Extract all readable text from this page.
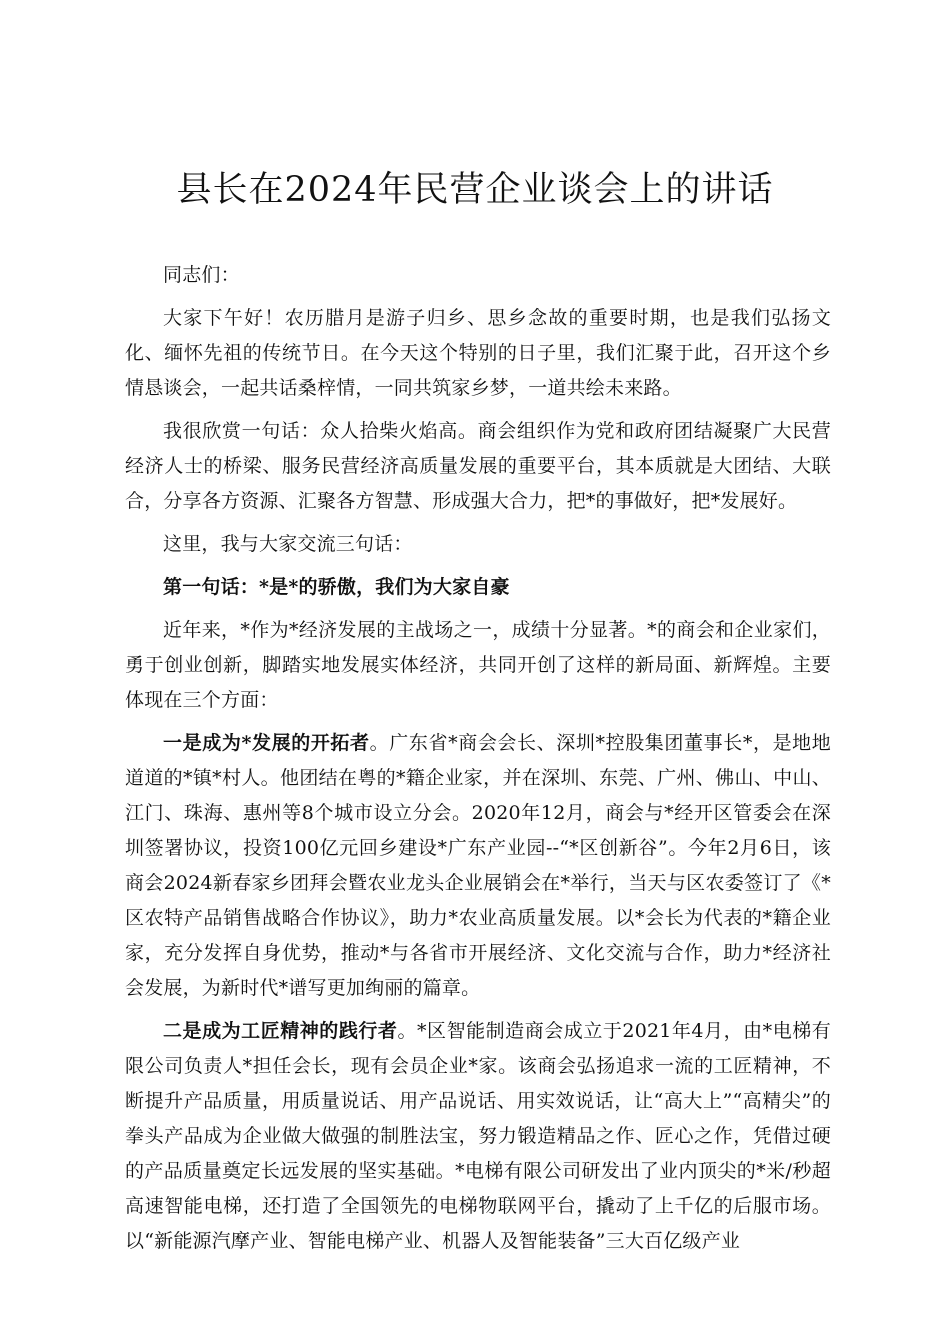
县长在2024年民营企业谈会上的讲话

同志们：

大家下午好！农历腊月是游子归乡、思乡念故的重要时期，也是我们弘扬文化、缅怀先祖的传统节日。在今天这个特别的日子里，我们汇聚于此，召开这个乡情恳谈会，一起共话桑梓情，一同共筑家乡梦，一道共绘未来路。

我很欣赏一句话：众人拾柴火焰高。商会组织作为党和政府团结凝聚广大民营经济人士的桥梁、服务民营经济高质量发展的重要平台，其本质就是大团结、大联合，分享各方资源、汇聚各方智慧、形成强大合力，把*的事做好，把*发展好。

这里，我与大家交流三句话：

第一句话：*是*的骄傲，我们为大家自豪

近年来，*作为*经济发展的主战场之一，成绩十分显著。*的商会和企业家们，勇于创业创新，脚踏实地发展实体经济，共同开创了这样的新局面、新辉煌。主要体现在三个方面：

一是成为*发展的开拓者。广东省*商会会长、深圳*控股集团董事长*，是地地道道的*镇*村人。他团结在粤的*籍企业家，并在深圳、东莞、广州、佛山、中山、江门、珠海、惠州等8个城市设立分会。2020年12月，商会与*经开区管委会在深圳签署协议，投资100亿元回乡建设*广东产业园--“*区创新谷”。今年2月6日，该商会2024新春家乡团拜会暨农业龙头企业展销会在*举行，当天与区农委签订了《*区农特产品销售战略合作协议》，助力*农业高质量发展。以*会长为代表的*籍企业家，充分发挥自身优势，推动*与各省市开展经济、文化交流与合作，助力*经济社会发展，为新时代*谱写更加绚丽的篇章。

二是成为工匠精神的践行者。*区智能制造商会成立于2021年4月，由*电梯有限公司负责人*担任会长，现有会员企业*家。该商会弘扬追求一流的工匠精神，不断提升产品质量，用质量说话、用产品说话、用实效说话，让“高大上”“高精尖”的拳头产品成为企业做大做强的制胜法宝，努力锻造精品之作、匠心之作，凭借过硬的产品质量奠定长远发展的坚实基础。*电梯有限公司研发出了业内顶尖的*米/秒超高速智能电梯，还打造了全国领先的电梯物联网平台，撬动了上千亿的后服市场。以“新能源汽摩产业、智能电梯产业、机器人及智能装备”三大百亿级产业
